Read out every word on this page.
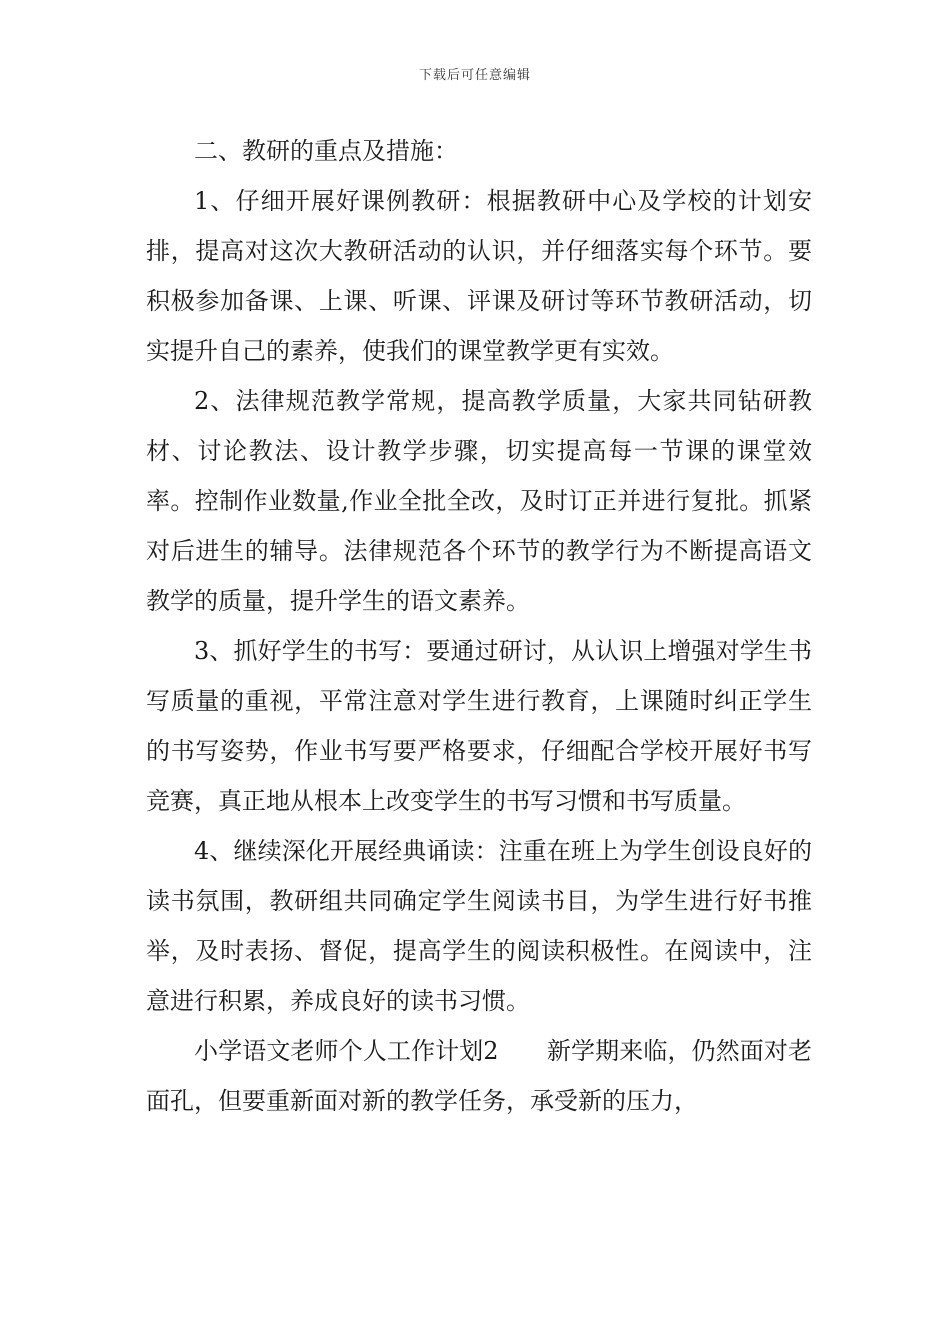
下载后可任意编辑

二、教研的重点及措施：

1、仔细开展好课例教研：根据教研中心及学校的计划安排，提高对这次大教研活动的认识，并仔细落实每个环节。要积极参加备课、上课、听课、评课及研讨等环节教研活动，切实提升自己的素养，使我们的课堂教学更有实效。

2、法律规范教学常规，提高教学质量，大家共同钻研教材、讨论教法、设计教学步骤，切实提高每一节课的课堂效率。控制作业数量,作业全批全改，及时订正并进行复批。抓紧对后进生的辅导。法律规范各个环节的教学行为不断提高语文教学的质量，提升学生的语文素养。

3、抓好学生的书写：要通过研讨，从认识上增强对学生书写质量的重视，平常注意对学生进行教育，上课随时纠正学生的书写姿势，作业书写要严格要求，仔细配合学校开展好书写竞赛，真正地从根本上改变学生的书写习惯和书写质量。

4、继续深化开展经典诵读：注重在班上为学生创设良好的读书氛围，教研组共同确定学生阅读书目，为学生进行好书推举，及时表扬、督促，提高学生的阅读积极性。在阅读中，注意进行积累，养成良好的读书习惯。

小学语文老师个人工作计划2　　新学期来临，仍然面对老面孔，但要重新面对新的教学任务，承受新的压力，
